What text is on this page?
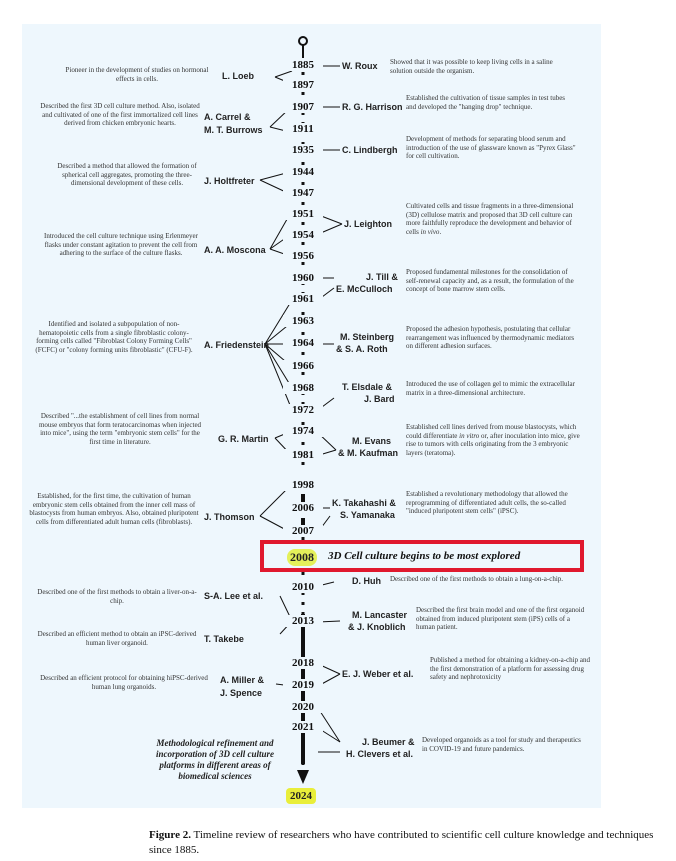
1885
1897
1907
1911
1935
1944
1947
1951
1954
1956
1960
1961
1963
1964
1966
1968
1972
1974
1981
1998
2006
2007
2010
2013
2018
2019
2020
2021
2008 3D Cell culture begins to be most explored
W. Roux
R. G. Harrison
C. Lindbergh
J. Leighton
J. Till &
E. McCulloch
M. Steinberg
& S. A. Roth
T. Elsdale &
J. Bard
M. Evans
& M. Kaufman
K. Takahashi &
S. Yamanaka
D. Huh
M. Lancaster
& J. Knoblich
E. J. Weber et al.
J. Beumer &
H. Clevers et al.
L. Loeb
A. Carrel &
M. T. Burrows
J. Holtfreter
A. A. Moscona
A. Friedenstein
G. R. Martin
J. Thomson
S-A. Lee et al.
T. Takebe
A. Miller &
J. Spence
Showed that it was possible to keep living cells in a saline solution outside the organism.
Established the cultivation of tissue samples in test tubes and developed the "hanging drop" technique.
Development of methods for separating blood serum and introduction of the use of glassware known as "Pyrex Glass" for cell cultivation.
Cultivated cells and tissue fragments in a three-dimensional (3D) cellulose matrix and proposed that 3D cell culture can more faithfully reproduce the development and behavior of cells in vivo.
Proposed fundamental milestones for the consolidation of self-renewal capacity and, as a result, the formulation of the concept of bone marrow stem cells.
Proposed the adhesion hypothesis, postulating that cellular rearrangement was influenced by thermodynamic mediators on different adhesion surfaces.
Introduced the use of collagen gel to mimic the extracellular matrix in a three-dimensional architecture.
Established cell lines derived from mouse blastocysts, which could differentiate in vitro or, after inoculation into mice, give rise to tumors with cells originating from the 3 embryonic layers (teratoma).
Established a revolutionary methodology that allowed the reprogramming of differentiated adult cells, the so-called "induced pluripotent stem cells" (iPSC).
Described one of the first methods to obtain a lung-on-a-chip.
Described the first brain model and one of the first organoid obtained from induced pluripotent stem (iPS) cells of a human patient.
Published a method for obtaining a kidney-on-a-chip and the first demonstration of a platform for assessing drug safety and nephrotoxicity
Developed organoids as a tool for study and therapeutics in COVID-19 and future pandemics.
Pioneer in the development of studies on hormonal effects in cells.
Described the first 3D cell culture method. Also, isolated and cultivated of one of the first immortalized cell lines derived from chicken embryonic hearts.
Described a method that allowed the formation of spherical cell aggregates, promoting the three-dimensional development of these cells.
Introduced the cell culture technique using Erlenmeyer flasks under constant agitation to prevent the cell from adhering to the surface of the culture flasks.
Identified and isolated a subpopulation of non-hematopoietic cells from a single fibroblastic colony-forming cells called "Fibroblast Colony Forming Cells" (FCFC) or "colony forming units fibroblastic" (CFU-F).
Described "...the establishment of cell lines from normal mouse embryos that form teratocarcinomas when injected into mice", using the term "embryonic stem cells" for the first time in literature.
Established, for the first time, the cultivation of human embryonic stem cells obtained from the inner cell mass of blastocysts from human embryos. Also, obtained pluripotent cells from differentiated adult human cells (fibroblasts).
Described one of the first methods to obtain a liver-on-a-chip.
Described an efficient method to obtain an iPSC-derived human liver organoid.
Described an efficient protocol for obtaining hiPSC-derived human lung organoids.
Methodological refinement and incorporation of 3D cell culture platforms in different areas of biomedical sciences
2024
Figure 2. Timeline review of researchers who have contributed to scientific cell culture knowledge and techniques since 1885.
